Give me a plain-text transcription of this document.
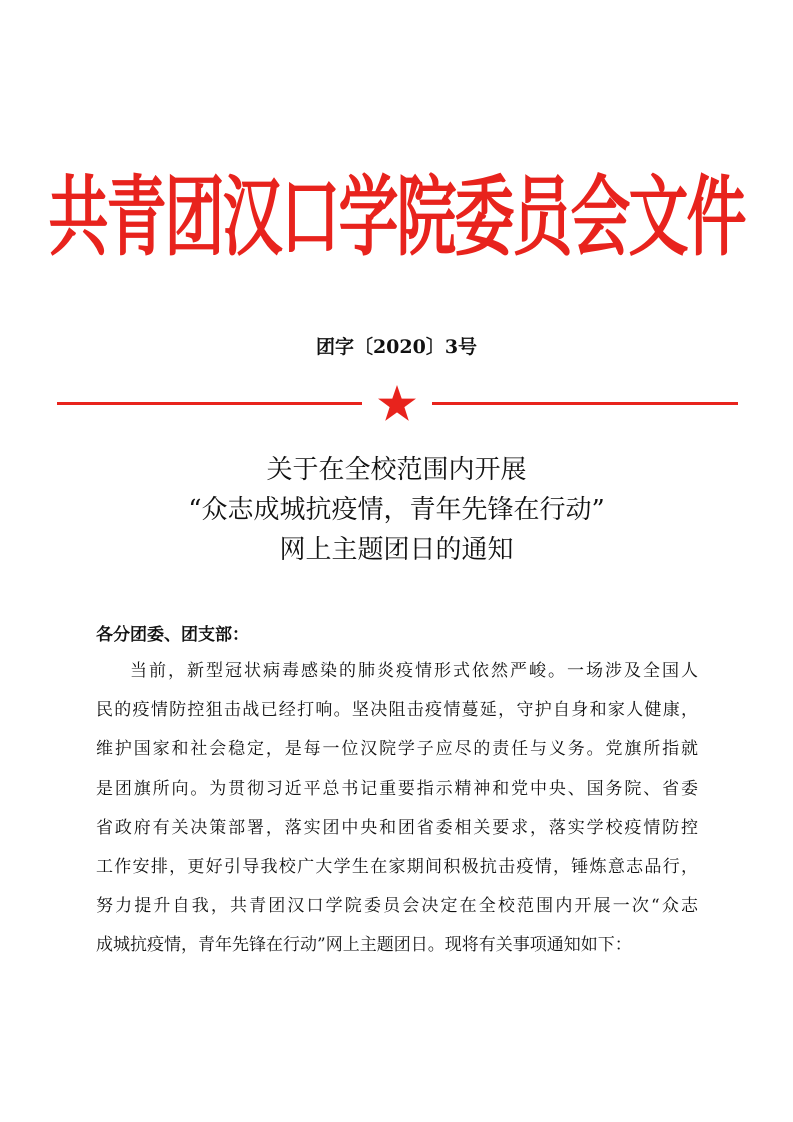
共青团汉口学院委员会文件
团字〔2020〕3号
关于在全校范围内开展
“众志成城抗疫情，青年先锋在行动”
网上主题团日的通知
各分团委、团支部：
当前，新型冠状病毒感染的肺炎疫情形式依然严峻。一场涉及全国人
民的疫情防控狙击战已经打响。坚决阻击疫情蔓延，守护自身和家人健康，
维护国家和社会稳定，是每一位汉院学子应尽的责任与义务。党旗所指就
是团旗所向。为贯彻习近平总书记重要指示精神和党中央、国务院、省委
省政府有关决策部署，落实团中央和团省委相关要求，落实学校疫情防控
工作安排，更好引导我校广大学生在家期间积极抗击疫情，锤炼意志品行，
努力提升自我，共青团汉口学院委员会决定在全校范围内开展一次“众志
成城抗疫情，青年先锋在行动”网上主题团日。现将有关事项通知如下：
